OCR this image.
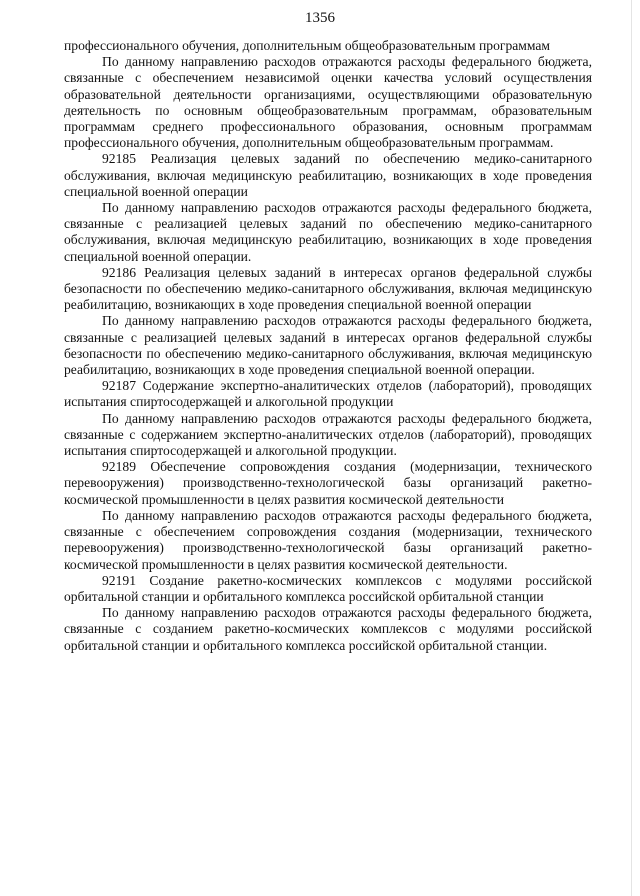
1356

профессионального обучения, дополнительным общеобразовательным программам

По данному направлению расходов отражаются расходы федерального бюджета, связанные с обеспечением независимой оценки качества условий осуществления образовательной деятельности организациями, осуществляющими образовательную деятельность по основным общеобразовательным программам, образовательным программам среднего профессионального образования, основным программам профессионального обучения, дополнительным общеобразовательным программам.

92185 Реализация целевых заданий по обеспечению медико-санитарного обслуживания, включая медицинскую реабилитацию, возникающих в ходе проведения специальной военной операции

По данному направлению расходов отражаются расходы федерального бюджета, связанные с реализацией целевых заданий по обеспечению медико-санитарного обслуживания, включая медицинскую реабилитацию, возникающих в ходе проведения специальной военной операции.

92186 Реализация целевых заданий в интересах органов федеральной службы безопасности по обеспечению медико-санитарного обслуживания, включая медицинскую реабилитацию, возникающих в ходе проведения специальной военной операции

По данному направлению расходов отражаются расходы федерального бюджета, связанные с реализацией целевых заданий в интересах органов федеральной службы безопасности по обеспечению медико-санитарного обслуживания, включая медицинскую реабилитацию, возникающих в ходе проведения специальной военной операции.

92187 Содержание экспертно-аналитических отделов (лабораторий), проводящих испытания спиртосодержащей и алкогольной продукции

По данному направлению расходов отражаются расходы федерального бюджета, связанные с содержанием экспертно-аналитических отделов (лабораторий), проводящих испытания спиртосодержащей и алкогольной продукции.

92189 Обеспечение сопровождения создания (модернизации, технического перевооружения) производственно-технологической базы организаций ракетно-космической промышленности в целях развития космической деятельности

По данному направлению расходов отражаются расходы федерального бюджета, связанные с обеспечением сопровождения создания (модернизации, технического перевооружения) производственно-технологической базы организаций ракетно-космической промышленности в целях развития космической деятельности.

92191 Создание ракетно-космических комплексов с модулями российской орбитальной станции и орбитального комплекса российской орбитальной станции

По данному направлению расходов отражаются расходы федерального бюджета, связанные с созданием ракетно-космических комплексов с модулями российской орбитальной станции и орбитального комплекса российской орбитальной станции.
